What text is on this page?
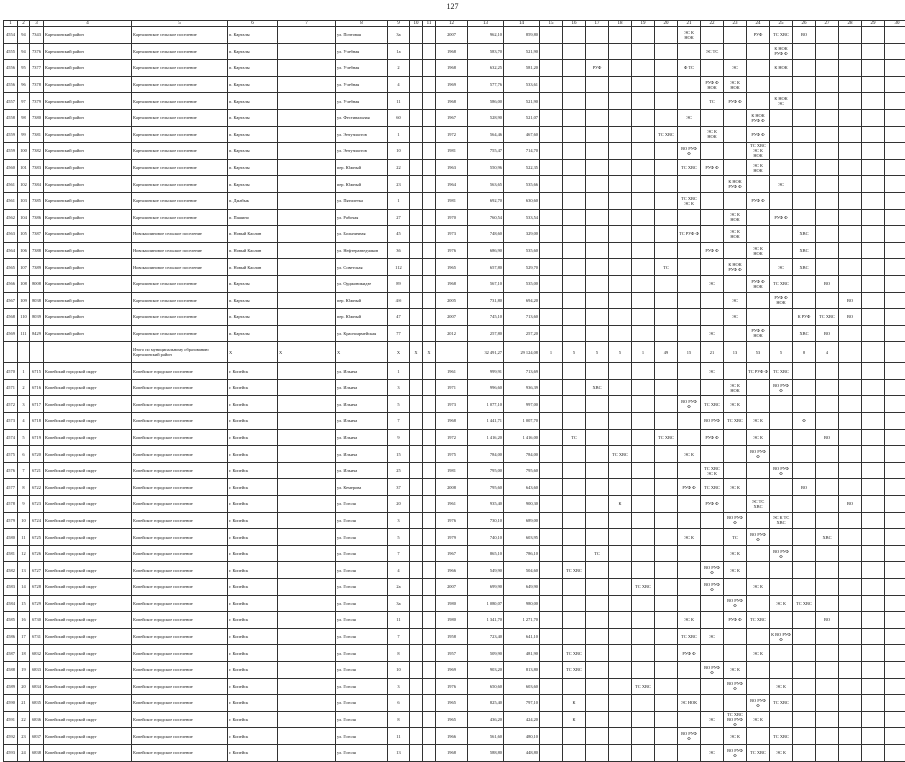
127
1	2	3	4	5	6	7	8	9	10	11	12	13	14	15	16	17	18	19	20	21	22	23	24	25	26	27	28	29	30
4554	94	7343	Карталинский район	Карталинское сельское поселение	п. Карталы		ул. Почтовая	3а			2007	962,10	859,80							ЭС К НОК			РУФ	ТС ХВС	ВО				
4555	94	7376	Карталинский район	Карталинское сельское поселение	п. Карталы		ул. Учебная	1а			1968	583,70	521,90								ЭС ТС			К НОК РУФ Ф					
4556	95	7377	Карталинский район	Карталинское сельское поселение	п. Карталы		ул. Учебная	2			1968	632,25	581,20			РУФ				Ф ТС		ЭС		К НОК					
4556	96	7378	Карталинский район	Карталинское сельское поселение	п. Карталы		ул. Учебная	4			1969	577,76	533,61								РУФ Ф НОК	ЭС К НОК							
4557	97	7379	Карталинский район	Карталинское сельское поселение	п. Карталы		ул. Учебная	11			1968	586,00	521,90								ТС	РУФ Ф		К НОК ЭС					
4558	98	7380	Карталинский район	Карталинское сельское поселение	п. Карталы		ул. Фестивальная	60			1967	528,90	521,07							ЭС			К НОК РУФ Ф						
4559	99	7381	Карталинский район	Карталинское сельское поселение	п. Карталы		ул. Энтузиастов	1			1972	564,46	467,60						ТС ХВС		ЭС К НОК		РУФ Ф						
4559	100	7382	Карталинский район	Карталинское сельское поселение	п. Карталы		ул. Энтузиастов	10			1981	755,47	714,70							ВО РУФ Ф			ТС ХВС ЭС К НОК						
4560	101	7383	Карталинский район	Карталинское сельское поселение	п. Карталы		пер. Южный	22			1963	550,96	522,35							ТС ХВС	РУФ Ф		ЭС К НОК						
4561	102	7384	Карталинский район	Карталинское сельское поселение	п. Карталы		пер. Южный	23			1964	563,65	535,66									К НОК РУФ Ф		ЭС					
4561	103	7385	Карталинский район	Карталинское сельское поселение	п. Джабык		ул. Пятилетка	1			1981	692,70	630,60							ТС ХВС ЭС К			РУФ Ф						
4562	104	7386	Карталинский район	Карталинское сельское поселение	п. Пашино		ул. Рабочая	27			1970	760,54	533,54									ЭС К НОК		РУФ Ф					
4563	105	7387	Карталинский район	Новокаолиновое сельское поселение	п. Новый Каолин		ул. Больничная	45			1973	748,60	329,00							ТС РУФ Ф		ЭС К НОК			ХВС				
4564	106	7388	Карталинский район	Новокаолиновое сельское поселение	п. Новый Каолин		ул. Нефтеразведчиков	36			1976	686,90	535,60								РУФ Ф		ЭС К НОК		ХВС				
4565	107	7389	Карталинский район	Новокаолиновое сельское поселение	п. Новый Каолин		ул. Советская	112			1965	657,80	529,70						ТС			К НОК РУФ Ф		ЭС	ХВС				
4566	108	8008	Карталинский район	Карталинское сельское поселение	п. Карталы		ул. Орджоникидзе	89			1968	567,10	535,00								ЭС		РУФ Ф НОК	ТС ХВС		ВО			
4567	109	8038	Карталинский район	Карталинское сельское поселение	п. Карталы		пер. Южный	4/б			2005	731,80	694,20									ЭС		РУФ Ф НОК			ВО		
4568	110	8039	Карталинский район	Карталинское сельское поселение	п. Карталы		пер. Южный	47			2007	745,10	713,60									ЭС			К РУФ	ТС ХВС	ВО		
4569	111	8429	Карталинский район	Карталинское сельское поселение	п. Карталы		ул. Красноармейская	77			2012	257,80	257,20								ЭС		РУФ Ф НОК		ХВС	ВО			
				Итого по муниципальному образованию Карталинский район	Х	Х	Х	Х	Х	Х		32 491,27	29 124,08	1	5	5	5	1	49	15	21	13	53	5	8	4			
4570	1	6715	Копейский городской округ	Копейское городское поселение	г. Копейск		ул. Ильича	1			1961	999,91	713,69								ЭС		ТС РУФ Ф	ТС ХВС					
4571	2	6716	Копейский городской округ	Копейское городское поселение	г. Копейск		ул. Ильича	3			1971	996,60	936,39			ХВС						ЭС К НОК		ВО РУФ Ф					
4572	3	6717	Копейский городской округ	Копейское городское поселение	г. Копейск		ул. Ильича	5			1973	1 077,10	997,00							ВО РУФ Ф	ТС ХВС	ЭС К							
4573	4	6718	Копейский городской округ	Копейское городское поселение	г. Копейск		ул. Ильича	7			1968	1 441,71	1 007,70								ВО РУФ	ТС ХВС	ЭС К		Ф				
4574	5	6719	Копейский городской округ	Копейское городское поселение	г. Копейск		ул. Ильича	9			1972	1 416,20	1 416,00		ТС				ТС ХВС		РУФ Ф		ЭС К			ВО			
4575	6	6720	Копейский городской округ	Копейское городское поселение	г. Копейск		ул. Ильича	15			1975	784,00	784,00				ТС ХВС			ЭС К			ВО РУФ Ф						
4576	7	6721	Копейский городской округ	Копейское городское поселение	г. Копейск		ул. Ильича	25			1981	795,00	795,60								ТС ХВС ЭС К			ВО РУФ Ф					
4577	8	6722	Копейский городской округ	Копейское городское поселение	г. Копейск		ул. Кемерова	37			2008	795,60	643,60							РУФ Ф	ТС ХВС	ЭС К			ВО				
4578	9	6723	Копейский городской округ	Копейское городское поселение	г. Копейск		ул. Гоголя	20			1961	935,40	900,30				К				РУФ Ф		ЭС ТС ХВС				ВО		
4579	10	6724	Копейский городской округ	Копейское городское поселение	г. Копейск		ул. Гоголя	3			1976	730,10	689,00									ВО РУФ Ф		ЭС К ТС ХВС					
4580	11	6725	Копейский городской округ	Копейское городское поселение	г. Копейск		ул. Гоголя	5			1979	740,10	603,95							ЭС К		ТС	ВО РУФ Ф			ХВС			
4581	12	6726	Копейский городской округ	Копейское городское поселение	г. Копейск		ул. Гоголя	7			1967	865,10	786,10			ТС						ЭС К		ВО РУФ Ф					
4582	13	6727	Копейский городской округ	Копейское городское поселение	г. Копейск		ул. Гоголя	4			1966	549,90	504,60		ТС ХВС						ВО РУФ Ф	ЭС К							
4583	14	6728	Копейский городской округ	Копейское городское поселение	г. Копейск		ул. Гоголя	2а			2007	699,90	649,90					ТС ХВС			ВО РУФ Ф		ЭС К						
4584	15	6729	Копейский городской округ	Копейское городское поселение	г. Копейск		ул. Гоголя	3а			1980	1 080,07	980,00									ВО РУФ Ф		ЭС К	ТС ХВС				
4585	16	6730	Копейский городской округ	Копейское городское поселение	г. Копейск		ул. Гоголя	11			1980	1 341,70	1 271,70							ЭС К		РУФ Ф	ТС ХВС			ВО			
4586	17	6731	Копейский городской округ	Копейское городское поселение	г. Копейск		ул. Гоголя	7			1958	723,40	641,10							ТС ХВС	ЭС			К ВО РУФ Ф					
4587	18	6832	Копейский городской округ	Копейское городское поселение	г. Копейск		ул. Гоголя	8			1957	509,90	481,90		ТС ХВС					РУФ Ф			ЭС К						
4588	19	6833	Копейский городской округ	Копейское городское поселение	г. Копейск		ул. Гоголя	10			1969	903,20	813,80		ТС ХВС						ВО РУФ Ф	ЭС К							
4589	20	6834	Копейский городской округ	Копейское городское поселение	г. Копейск		ул. Гоголя	3			1976	650,60	603,60					ТС ХВС				ВО РУФ Ф		ЭС К					
4590	21	6835	Копейский городской округ	Копейское городское поселение	г. Копейск		ул. Гоголя	6			1965	825,40	797,10		К					ЭС НОК			ВО РУФ Ф	ТС ХВС					
4591	22	6836	Копейский городской округ	Копейское городское поселение	г. Копейск		ул. Гоголя	8			1965	436,20	424,20		К						ЭС	ТС ХВС ВО РУФ Ф	ЭС К						
4592	23	6837	Копейский городской округ	Копейское городское поселение	г. Копейск		ул. Гоголя	11			1966	561,60	480,10							ВО РУФ Ф		ЭС К		ТС ХВС					
4593	24	6838	Копейский городской округ	Копейское городское поселение	г. Копейск		ул. Гоголя	13			1968	588,80	448,80								ЭС	ВО РУФ Ф	ТС ХВС	ЭС К					
